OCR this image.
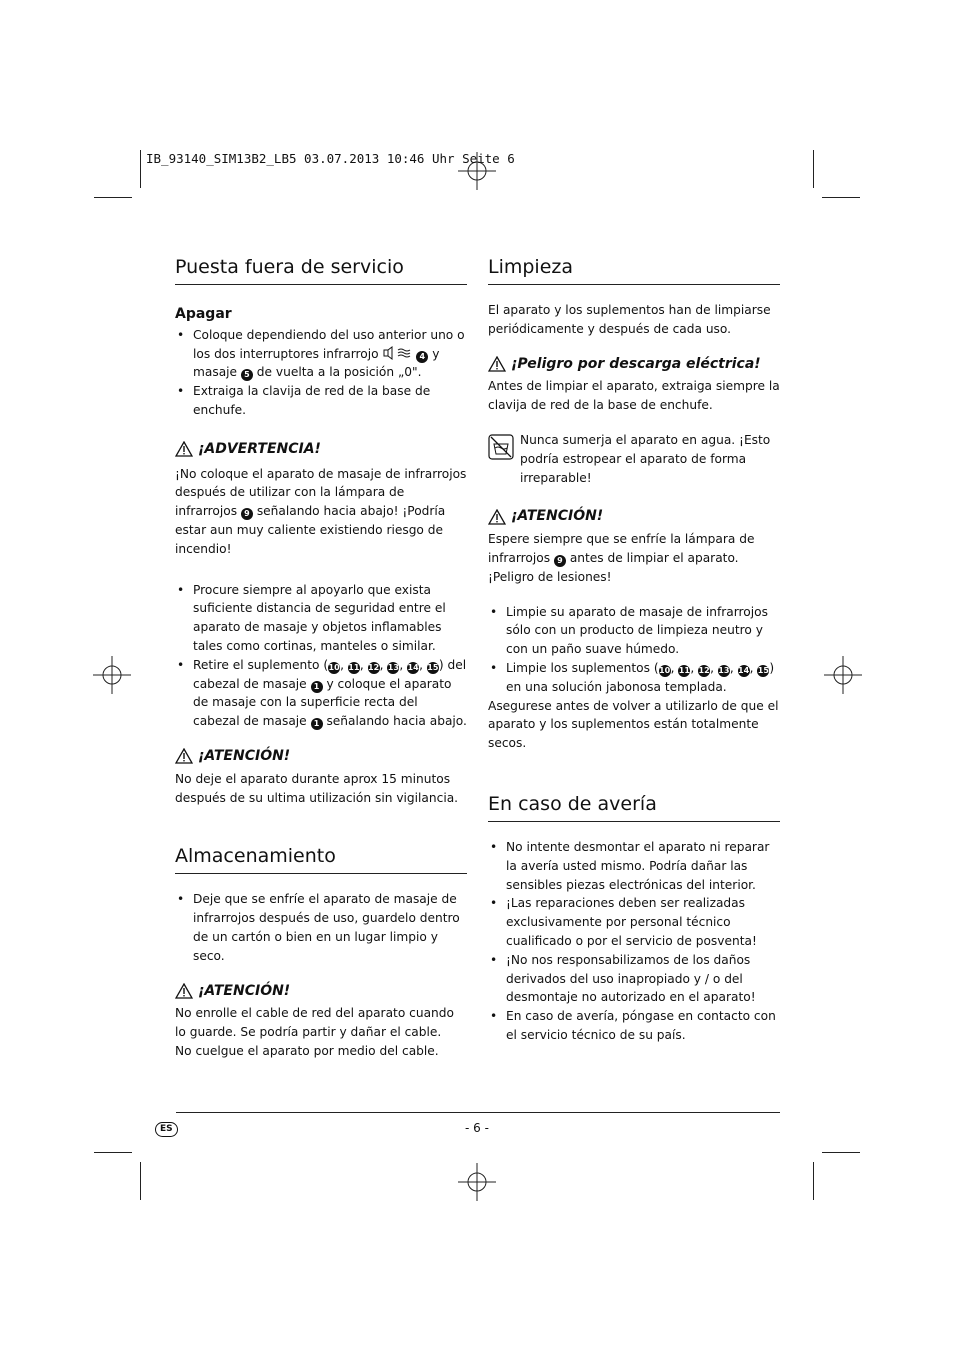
IB_93140_SIM13B2_LB5 03.07.2013 10:46 Uhr Seite 6
Puesta fuera de servicio
Apagar
• Coloque dependiendo del uso anterior uno o los dos interruptores infrarrojo	4 y masaje 5 de vuelta a la posición „0".
• Extraiga la clavija de red de la base de enchufe.
¡ADVERTENCIA!

¡No coloque el aparato de masaje de infrarrojos después de utilizar con la lámpara de infrarrojos 9 señalando hacia abajo! ¡Podría estar aun muy caliente existiendo riesgo de incendio!

• Procure siempre al apoyarlo que exista suficiente distancia de seguridad entre el aparato de masaje y objetos inflamables tales como cortinas, manteles o similar.
• Retire el suplemento (10, 11, 12, 13, 14, 15) del cabezal de masaje 1 y coloque el aparato de masaje con la superficie recta del cabezal de masaje 1 señalando hacia abajo.
¡ATENCIÓN!

No deje el aparato durante aprox 15 minutos después de su ultima utilización sin vigilancia.

Almacenamiento
• Deje que se enfríe el aparato de masaje de infrarrojos después de uso, guardelo dentro de un cartón o bien en un lugar limpio y seco.
¡ATENCIÓN!

No enrolle el cable de red del aparato cuando lo guarde. Se podría partir y dañar el cable.

No cuelgue el aparato por medio del cable.

Limpieza

El aparato y los suplementos han de limpiarse periódicamente y después de cada uso.

¡Peligro por descarga eléctrica!

Antes de limpiar el aparato, extraiga siempre la clavija de red de la base de enchufe.

Nunca sumerja el aparato en agua. ¡Esto podría estropear el aparato de forma irreparable!

¡ATENCIÓN!

Espere siempre que se enfríe la lámpara de infrarrojos 9 antes de limpiar el aparato.
¡Peligro de lesiones!

• Limpie su aparato de masaje de infrarrojos sólo con un producto de limpieza neutro y con un paño suave húmedo.
• Limpie los suplementos (10, 11, 12, 13, 14, 15) en una solución jabonosa templada.

Asegurese antes de volver a utilizarlo de que el aparato y los suplementos están totalmente secos.

En caso de avería
• No intente desmontar el aparato ni reparar la avería usted mismo. Podría dañar las sensibles piezas electrónicas del interior.
• ¡Las reparaciones deben ser realizadas exclusivamente por personal técnico cualificado o por el servicio de posventa!
• ¡No nos responsabilizamos de los daños derivados del uso inapropiado y / o del desmontaje no autorizado en el aparato!
• En caso de avería, póngase en contacto con el servicio técnico de su país.
ES	- 6 -
